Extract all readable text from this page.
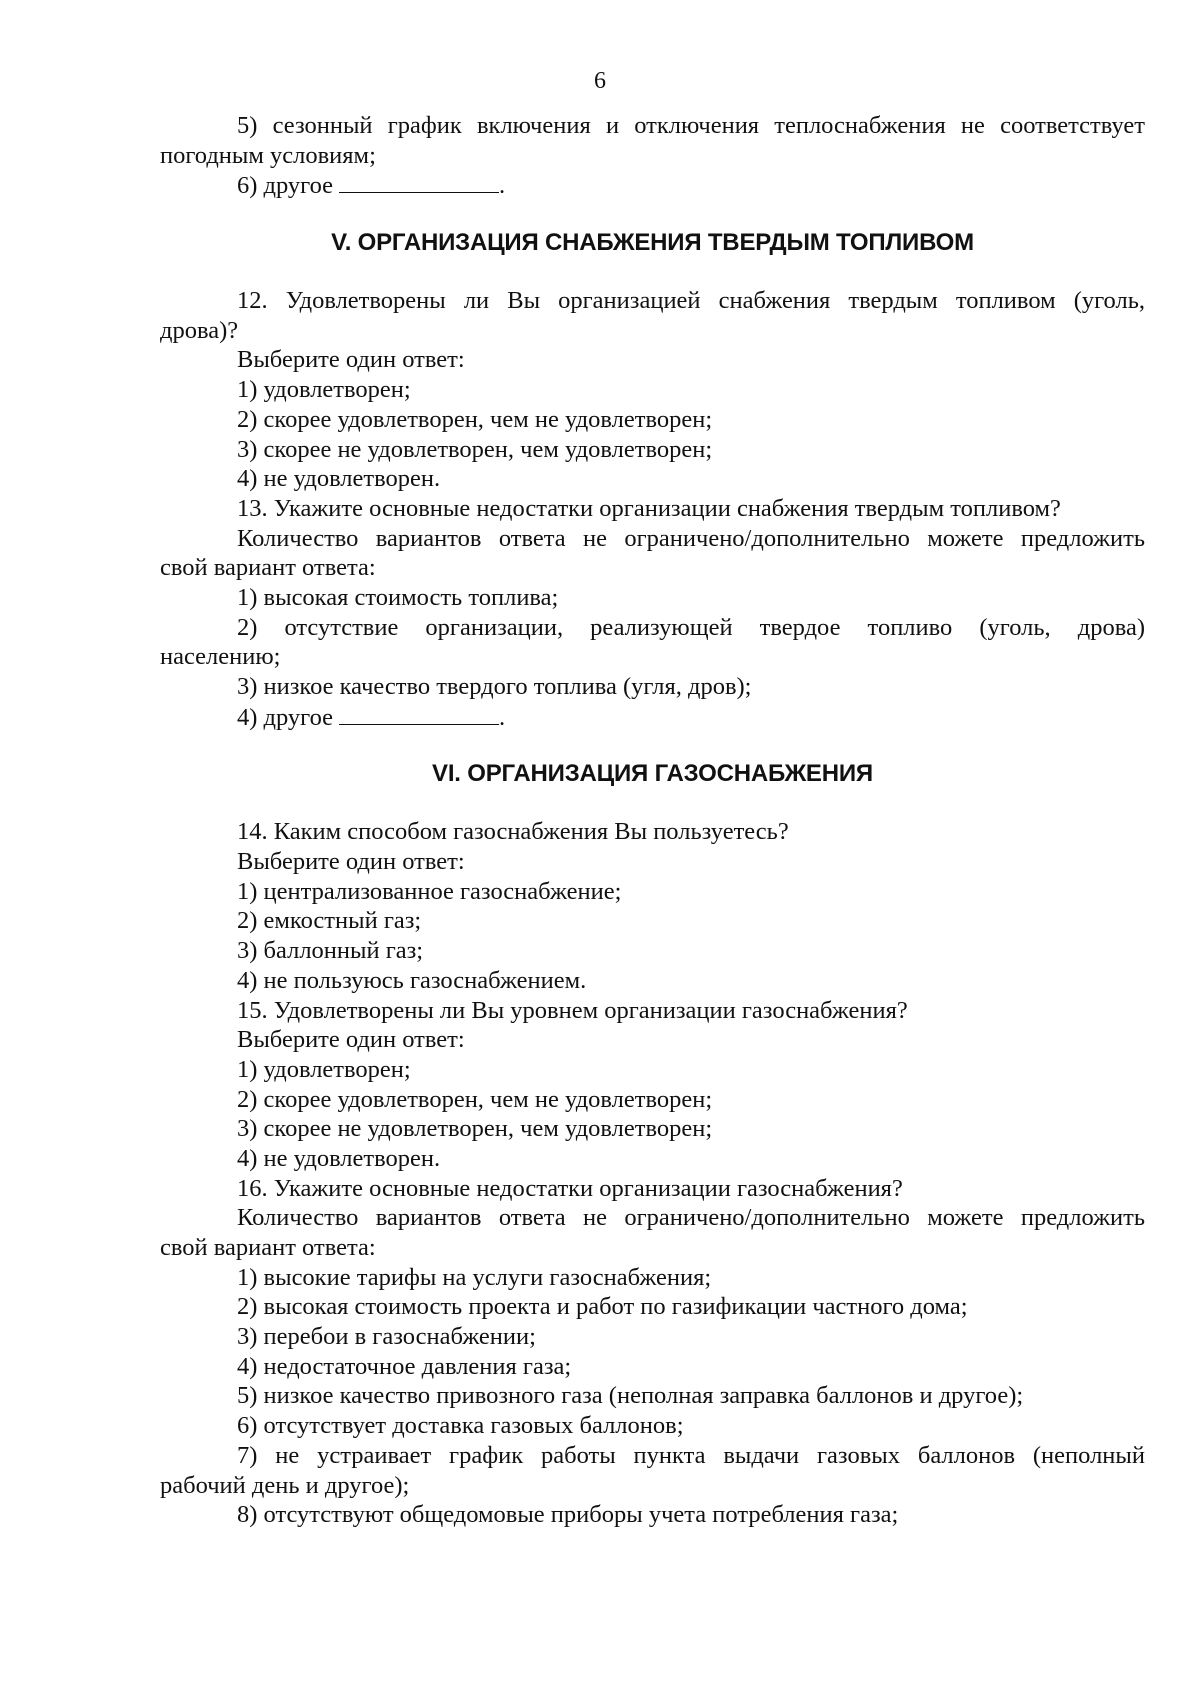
6
5) сезонный график включения и отключения теплоснабжения не соответствует
погодным условиям;
6) другое	.
V. ОРГАНИЗАЦИЯ СНАБЖЕНИЯ ТВЕРДЫМ ТОПЛИВОМ
12. Удовлетворены ли Вы организацией снабжения твердым топливом (уголь,
дрова)?
Выберите один ответ:
1) удовлетворен;
2) скорее удовлетворен, чем не удовлетворен;
3) скорее не удовлетворен, чем удовлетворен;
4) не удовлетворен.
13. Укажите основные недостатки организации снабжения твердым топливом?
Количество вариантов ответа не ограничено/дополнительно можете предложить
свой вариант ответа:
1) высокая стоимость топлива;
2) отсутствие организации, реализующей твердое топливо (уголь, дрова)
населению;
3) низкое качество твердого топлива (угля, дров);
4) другое	.
VI. ОРГАНИЗАЦИЯ ГАЗОСНАБЖЕНИЯ
14. Каким способом газоснабжения Вы пользуетесь?
Выберите один ответ:
1) централизованное газоснабжение;
2) емкостный газ;
3) баллонный газ;
4) не пользуюсь газоснабжением.
15. Удовлетворены ли Вы уровнем организации газоснабжения?
Выберите один ответ:
1) удовлетворен;
2) скорее удовлетворен, чем не удовлетворен;
3) скорее не удовлетворен, чем удовлетворен;
4) не удовлетворен.
16. Укажите основные недостатки организации газоснабжения?
Количество вариантов ответа не ограничено/дополнительно можете предложить
свой вариант ответа:
1) высокие тарифы на услуги газоснабжения;
2) высокая стоимость проекта и работ по газификации частного дома;
3) перебои в газоснабжении;
4) недостаточное давления газа;
5) низкое качество привозного газа (неполная заправка баллонов и другое);
6) отсутствует доставка газовых баллонов;
7) не устраивает график работы пункта выдачи газовых баллонов (неполный
рабочий день и другое);
8) отсутствуют общедомовые приборы учета потребления газа;
